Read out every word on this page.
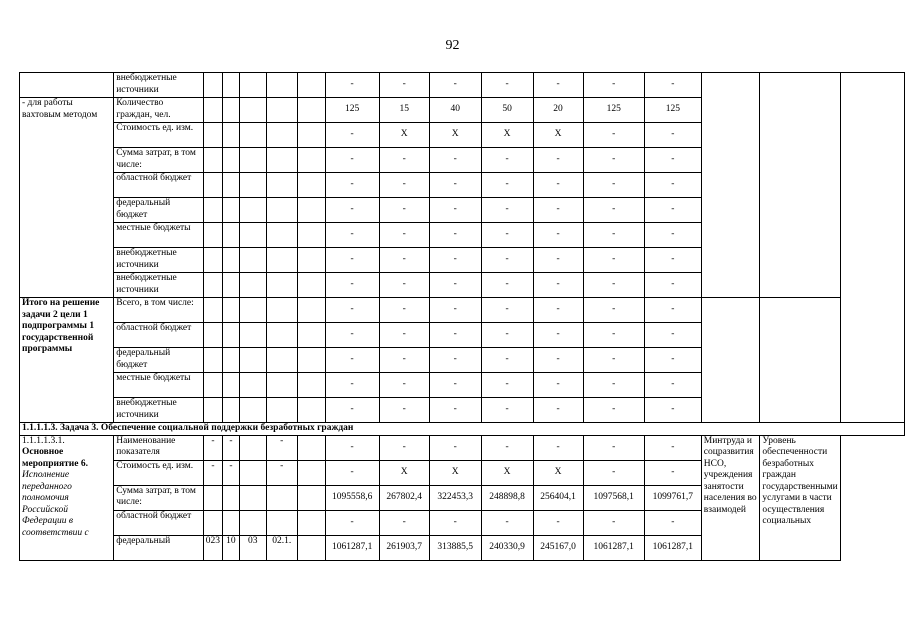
92
	внебюджетные источники						-	-	-	-	-	-	-			
- для работы вахтовым методом	Количество граждан, чел.						125	15	40	50	20	125	125			
	Стоимость ед. изм.						-	X	X	X	X	-	-			
	Сумма затрат, в том числе:						-	-	-	-	-	-	-			
	областной бюджет						-	-	-	-	-	-	-			
	федеральный бюджет						-	-	-	-	-	-	-			
	местные бюджеты						-	-	-	-	-	-	-			
	внебюджетные источники						-	-	-	-	-	-	-			
	внебюджетные источники						-	-	-	-	-	-	-			
Итого на решение задачи 2 цели 1 подпрограммы 1 государственной программы	Всего, в том числе:						-	-	-	-	-	-	-			
	областной бюджет						-	-	-	-	-	-	-			
	федеральный бюджет						-	-	-	-	-	-	-			
	местные бюджеты						-	-	-	-	-	-	-			
	внебюджетные источники						-	-	-	-	-	-	-			
1.1.1.1.3. Задача 3. Обеспечение социальной поддержки безработных граждан																

1.1.1.1.3.1.
Основное мероприятие 6.
Исполнение переданного полномочия Российской Федерации в соответствии с	Наименование показателя	-	-		-		-	-	-	-	-	-	-	Минтруда и соцразвития НСО, учреждения занятости населения во взаимодей	Уровень обеспеченности безработных граждан государственными услугами в части осуществления социальных	
	Стоимость ед. изм.	-	-		-		-	X	X	X	X	-	-			
	Сумма затрат, в том числе:						1095558,6	267802,4	322453,3	248898,8	256404,1	1097568,1	1099761,7			
	областной бюджет						-	-	-	-	-	-	-			
	федеральный	023	10	03	02.1.		1061287,1	261903,7	313885,5	240330,9	245167,0	1061287,1	1061287,1			
